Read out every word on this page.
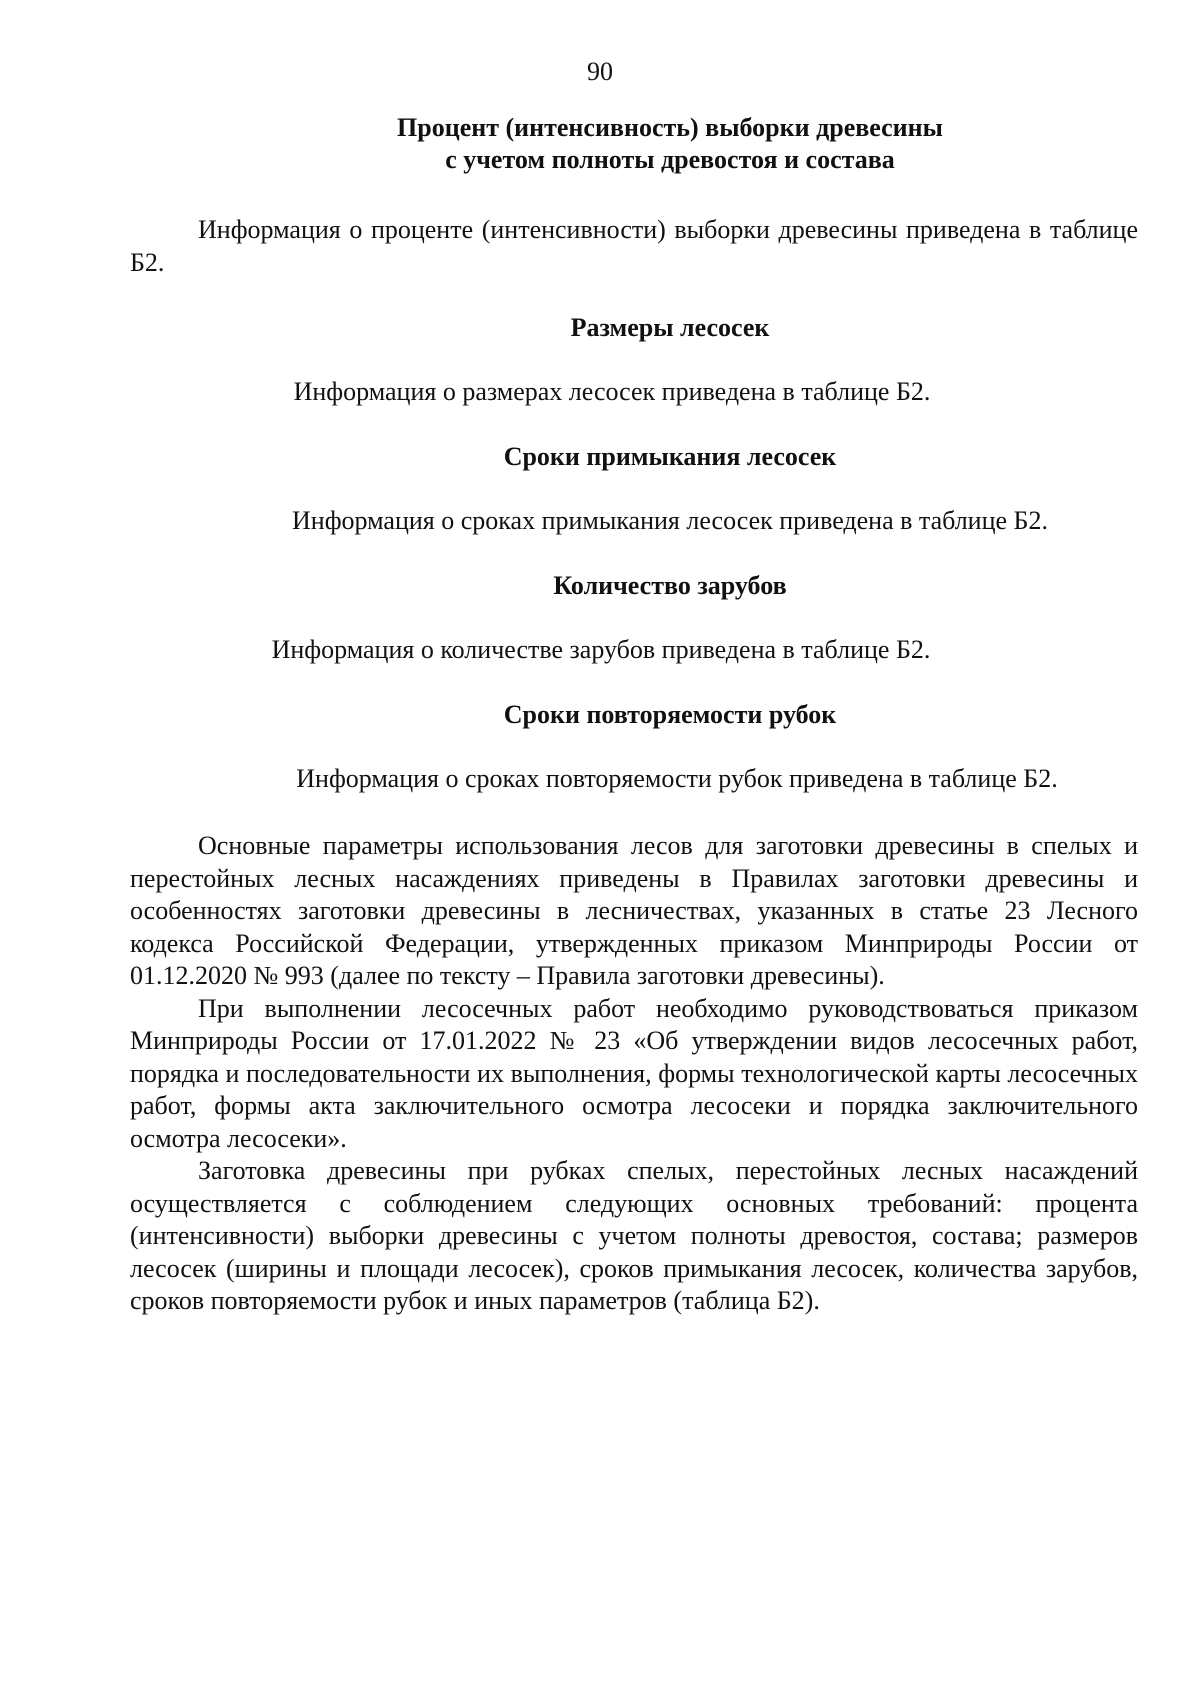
90
Процент (интенсивность) выборки древесины
с учетом полноты древостоя и состава
Информация о проценте (интенсивности) выборки древесины приведена в таблице Б2.
Размеры лесосек
Информация о размерах лесосек приведена в таблице Б2.
Сроки примыкания лесосек
Информация о сроках примыкания лесосек приведена в таблице Б2.
Количество зарубов
Информация о количестве зарубов приведена в таблице Б2.
Сроки повторяемости рубок
Информация о сроках повторяемости рубок приведена в таблице Б2.
Основные параметры использования лесов для заготовки древесины в спелых и перестойных лесных насаждениях приведены в Правилах заготовки древесины и особенностях заготовки древесины в лесничествах, указанных в статье 23 Лесного кодекса Российской Федерации, утвержденных приказом Минприроды России от 01.12.2020 № 993 (далее по тексту – Правила заготовки древесины).
При выполнении лесосечных работ необходимо руководствоваться приказом Минприроды России от 17.01.2022 № 23 «Об утверждении видов лесосечных работ, порядка и последовательности их выполнения, формы технологической карты лесосечных работ, формы акта заключительного осмотра лесосеки и порядка заключительного осмотра лесосеки».
Заготовка древесины при рубках спелых, перестойных лесных насаждений осуществляется с соблюдением следующих основных требований: процента (интенсивности) выборки древесины с учетом полноты древостоя, состава; размеров лесосек (ширины и площади лесосек), сроков примыкания лесосек, количества зарубов, сроков повторяемости рубок и иных параметров (таблица Б2).
